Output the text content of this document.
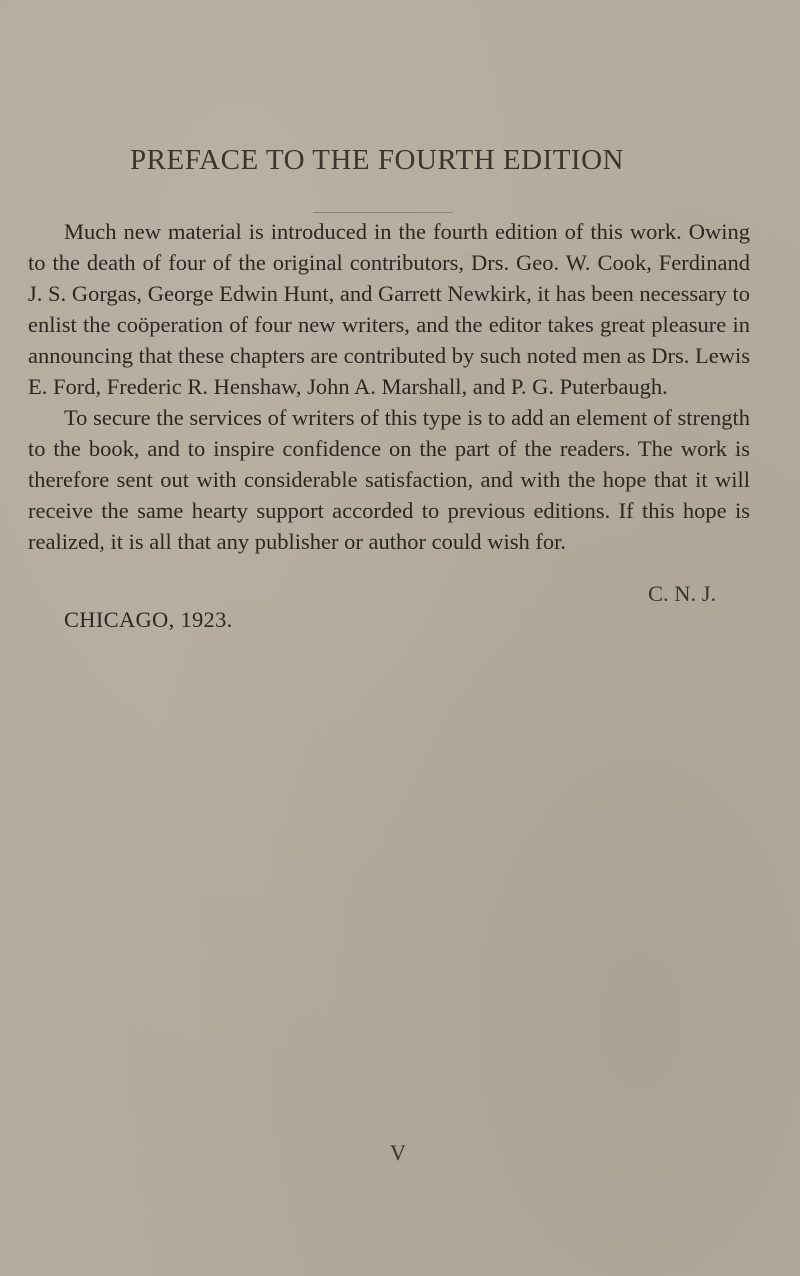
PREFACE TO THE FOURTH EDITION

Much new material is introduced in the fourth edition of this work. Owing to the death of four of the original contributors, Drs. Geo. W. Cook, Ferdinand J. S. Gorgas, George Edwin Hunt, and Garrett Newkirk, it has been necessary to enlist the coöperation of four new writers, and the editor takes great pleasure in announcing that these chapters are contributed by such noted men as Drs. Lewis E. Ford, Frederic R. Henshaw, John A. Marshall, and P. G. Puterbaugh.

To secure the services of writers of this type is to add an element of strength to the book, and to inspire confidence on the part of the readers. The work is therefore sent out with considerable satisfaction, and with the hope that it will receive the same hearty support accorded to previous editions. If this hope is realized, it is all that any publisher or author could wish for.

C. N. J.
CHICAGO, 1923.
V
